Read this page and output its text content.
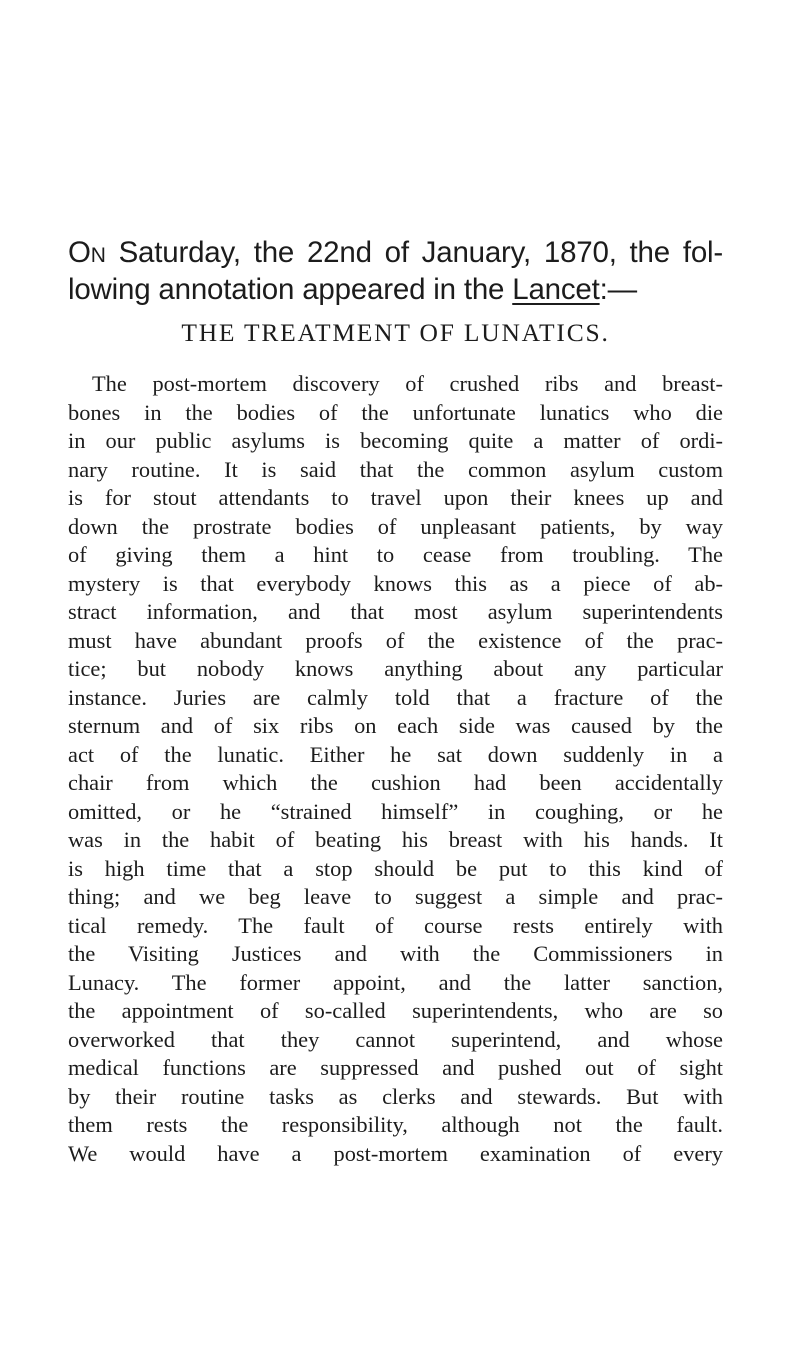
On Saturday, the 22nd of January, 1870, the fol-
lowing annotation appeared in the Lancet:—

THE TREATMENT OF LUNATICS.
The post-mortem discovery of crushed ribs and breast-
bones in the bodies of the unfortunate lunatics who die
in our public asylums is becoming quite a matter of ordi-
nary routine. It is said that the common asylum custom
is for stout attendants to travel upon their knees up and
down the prostrate bodies of unpleasant patients, by way
of giving them a hint to cease from troubling. The
mystery is that everybody knows this as a piece of ab-
stract information, and that most asylum superintendents
must have abundant proofs of the existence of the prac-
tice; but nobody knows anything about any particular
instance. Juries are calmly told that a fracture of the
sternum and of six ribs on each side was caused by the
act of the lunatic. Either he sat down suddenly in a
chair from which the cushion had been accidentally
omitted, or he “strained himself” in coughing, or he
was in the habit of beating his breast with his hands. It
is high time that a stop should be put to this kind of
thing; and we beg leave to suggest a simple and prac-
tical remedy. The fault of course rests entirely with
the Visiting Justices and with the Commissioners in
Lunacy. The former appoint, and the latter sanction,
the appointment of so-called superintendents, who are so
overworked that they cannot superintend, and whose
medical functions are suppressed and pushed out of sight
by their routine tasks as clerks and stewards. But with
them rests the responsibility, although not the fault.
We would have a post-mortem examination of every
